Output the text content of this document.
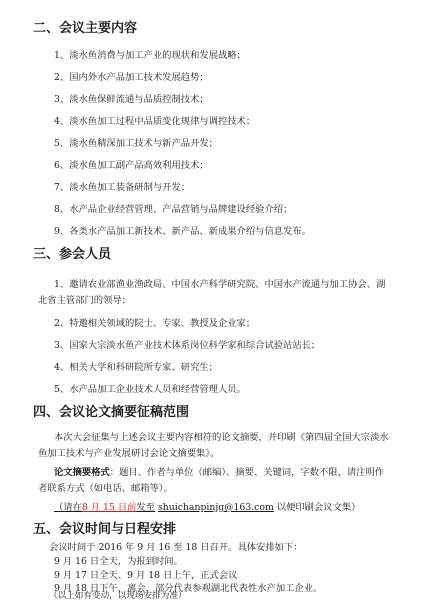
二、会议主要内容
1、淡水鱼消费与加工产业的现状和发展战略；
2、国内外水产品加工技术发展趋势；
3、淡水鱼保鲜流通与品质控制技术；
4、淡水鱼加工过程中品质变化规律与调控技术；
5、淡水鱼精深加工技术与新产品开发；
6、淡水鱼加工副产品高效利用技术；
7、淡水鱼加工装备研制与开发；
8、水产品企业经营管理、产品营销与品牌建设经验介绍；
9、各类水产品加工新技术、新产品、新成果介绍与信息发布。
三、参会人员
1、邀请农业部渔业渔政局、中国水产科学研究院、中国水产流通与加工协会、湖
北省主管部门的领导；
2、特邀相关领域的院士、专家、教授及企业家；
3、国家大宗淡水鱼产业技术体系岗位科学家和综合试验站站长；
4、相关大学和科研院所专家、研究生；
5、水产品加工企业技术人员和经营管理人员。
四、会议论文摘要征稿范围
本次大会征集与上述会议主要内容相符的论文摘要，并印刷《第四届全国大宗淡水
鱼加工技术与产业发展研讨会论文摘要集》。
论文摘要格式：题目、作者与单位（邮编）、摘要、关键词，字数不限，请注明作
者联系方式（如电话、邮箱等）。
（请在8 月 15 日前发至 shuichanpinjg@163.com 以便印刷会议文集）
五、会议时间与日程安排
会议时间于 2016 年 9 月 16 至 18 日召开。具体安排如下：
9 月 16 日全天，为报到时间。
9 月 17 日全天、9 月 18 日上午，正式会议
9 月 18 日下午，离会，部分代表参观湖北代表性水产加工企业。
（以上如有变动，以现场安排为准）
